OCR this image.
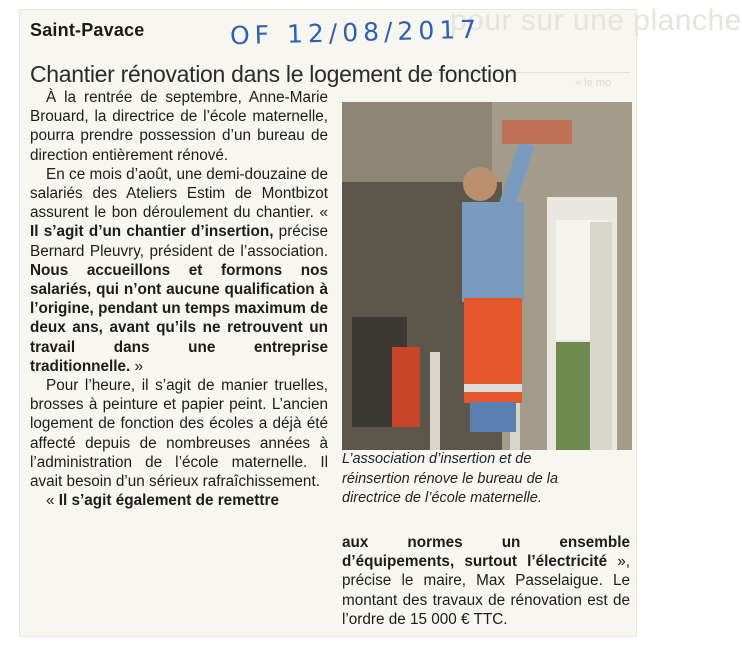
pour sur une planche
« le mo
Saint-Pavace	OF 12/08/2017
Chantier rénovation dans le logement de fonction

À la rentrée de septembre, Anne-Marie Brouard, la directrice de l’école maternelle, pourra prendre possession d’un bureau de direction entièrement rénové.

En ce mois d’août, une demi-douzaine de salariés des Ateliers Estim de Montbizot assurent le bon déroulement du chantier. « Il s’agit d’un chantier d’insertion, précise Bernard Pleuvry, président de l’association. Nous accueillons et formons nos salariés, qui n’ont aucune qualification à l’origine, pendant un temps maximum de deux ans, avant qu’ils ne retrouvent un travail dans une entreprise traditionnelle. »

Pour l’heure, il s’agit de manier truelles, brosses à peinture et papier peint. L’ancien logement de fonction des écoles a déjà été affecté depuis de nombreuses années à l’administration de l’école maternelle. Il avait besoin d’un sérieux rafraîchissement.

« Il s’agit également de remettre

L’association d’insertion et de
réinsertion rénove le bureau de la
directrice de l’école maternelle.

aux normes un ensemble d’équipements, surtout l’électricité », précise le maire, Max Passelaigue. Le montant des travaux de rénovation est de l’ordre de 15 000 € TTC.
